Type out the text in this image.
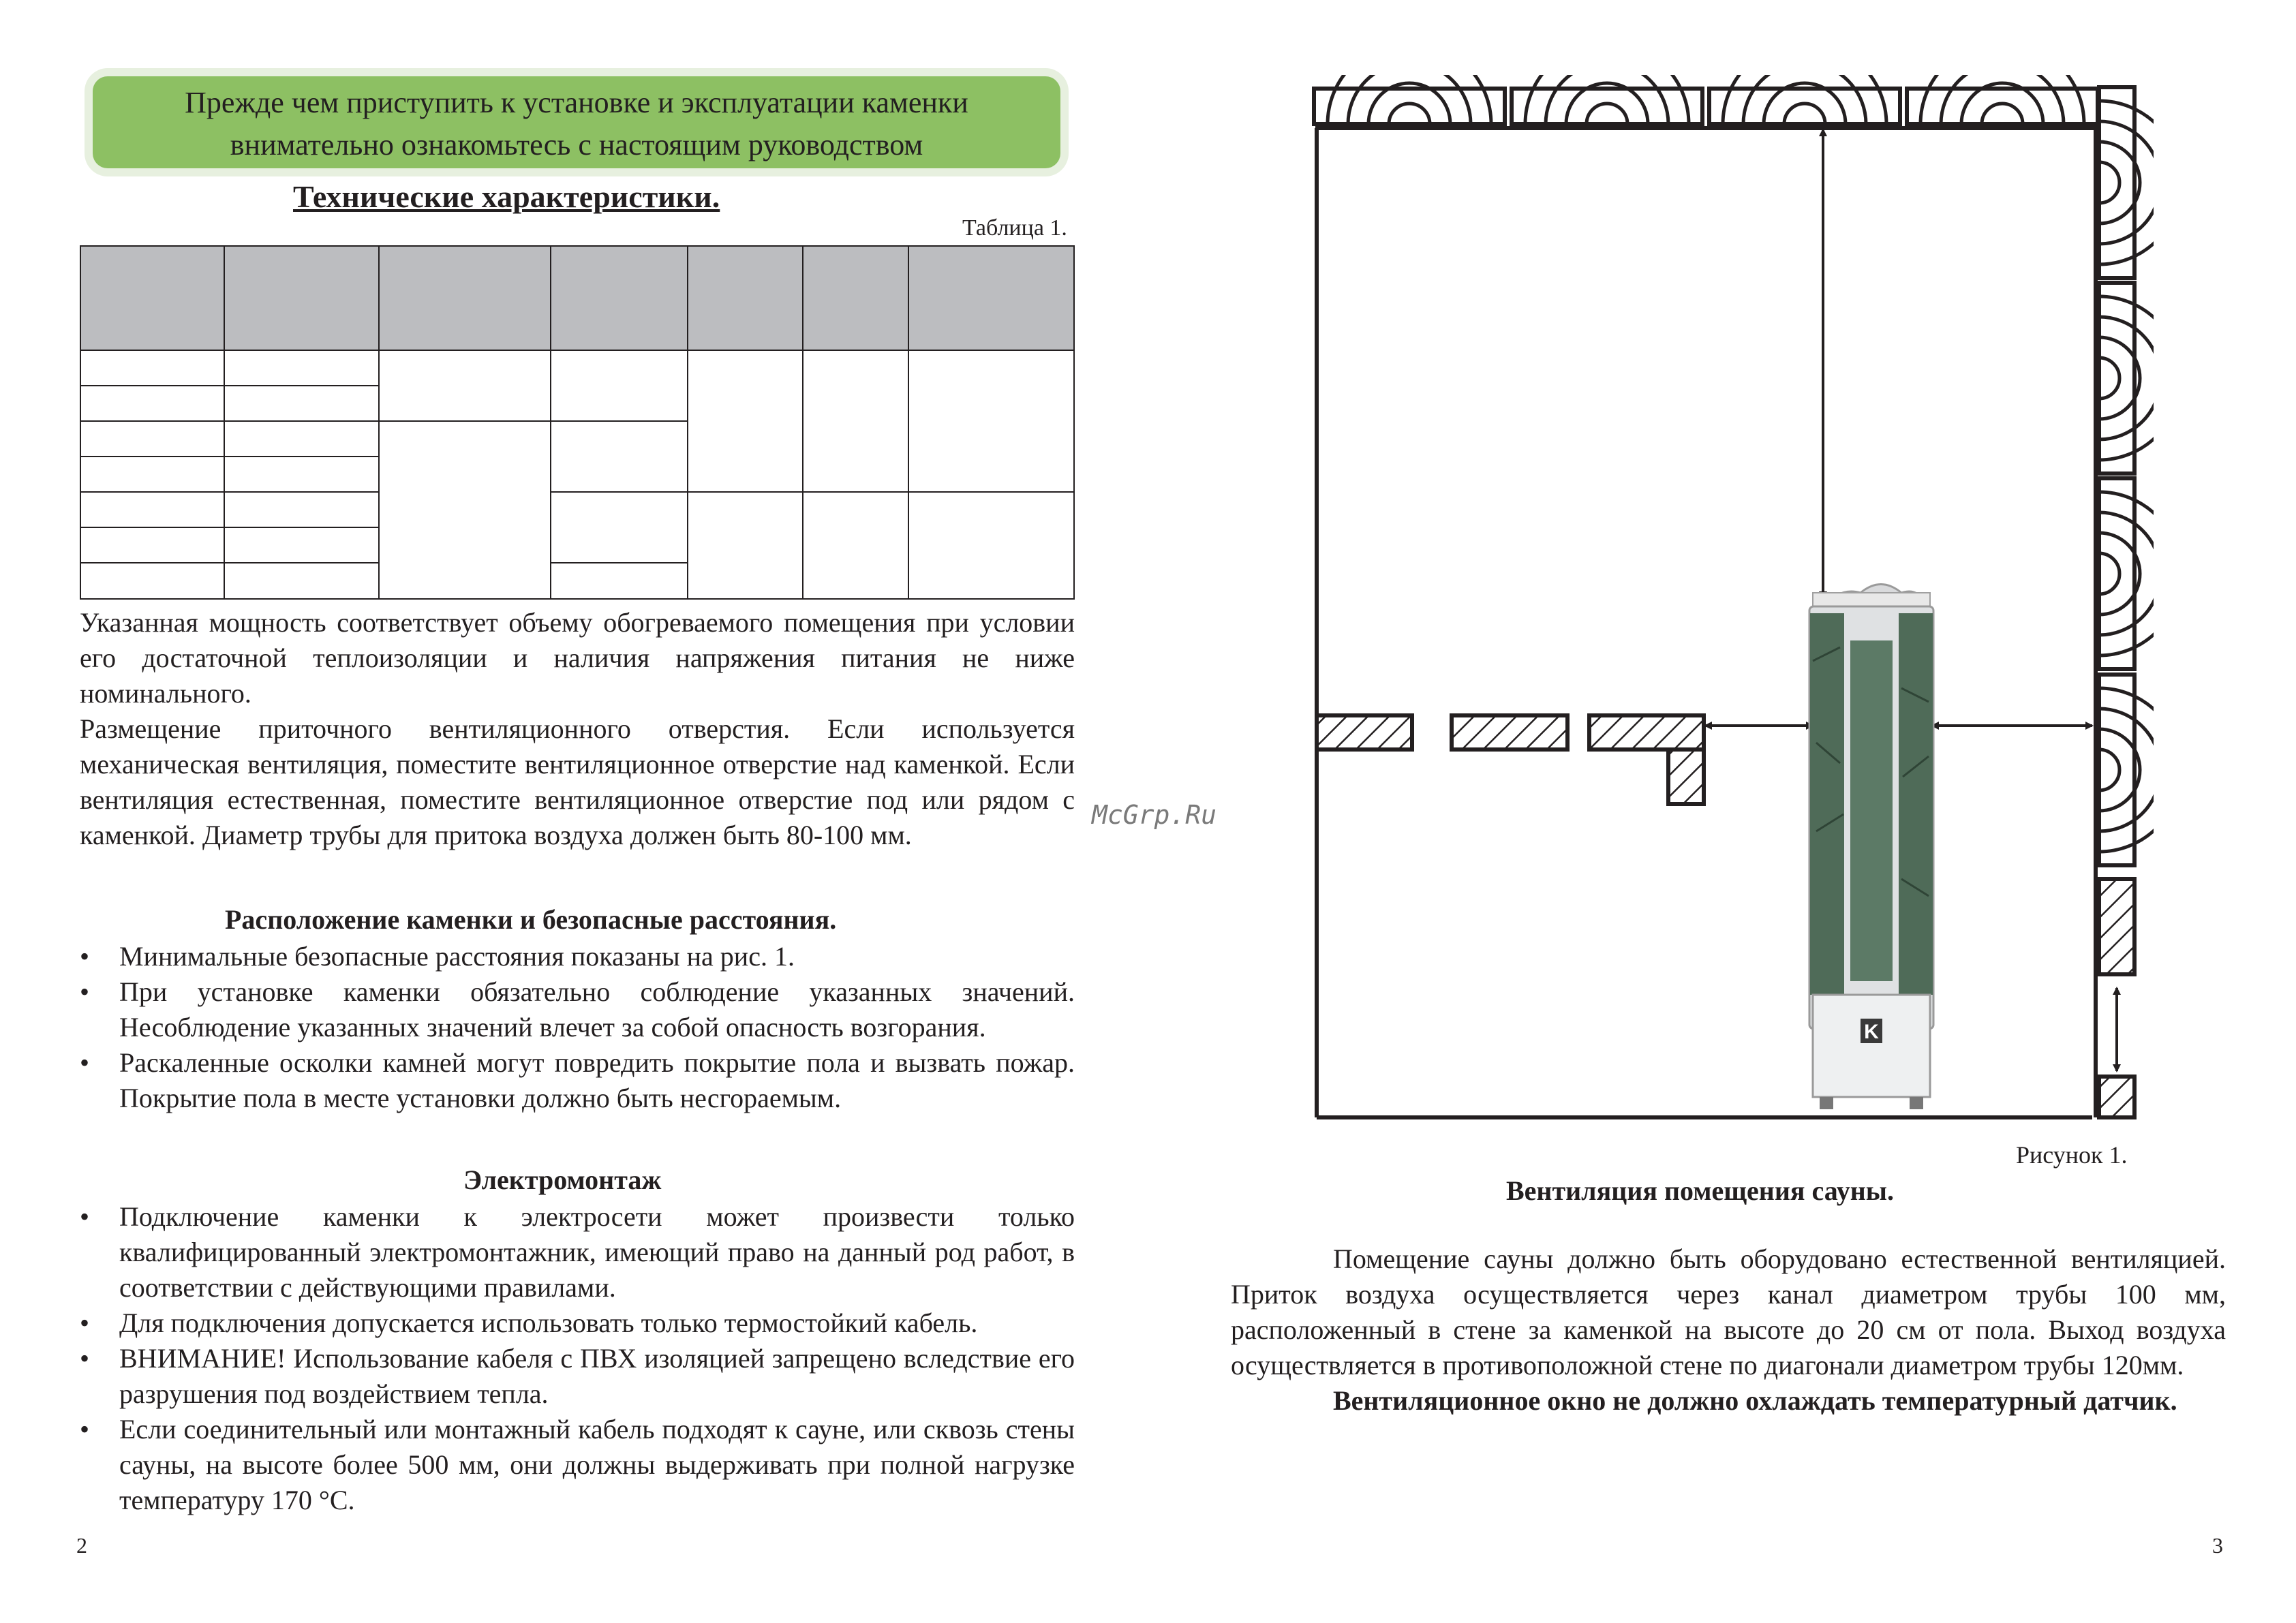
Прежде чем приступить к установке и эксплуатации каменки
внимательно ознакомьтесь с настоящим руководством
Технические характеристики.
Таблица 1.

Указанная мощность соответствует объему обогреваемого помещения при условии его достаточной теплоизоляции и наличия напряжения питания не ниже номинального.

Размещение приточного вентиляционного отверстия. Если используется механическая вентиляция, поместите вентиляционное отверстие над каменкой. Если вентиляция естественная, поместите вентиляционное отверстие под или рядом с каменкой. Диаметр трубы для притока воздуха должен быть 80-100 мм.

Расположение каменки и безопасные расстояния.
• Минимальные безопасные расстояния показаны на рис. 1.
• При установке каменки обязательно соблюдение указанных значений. Несоблюдение указанных значений влечет за собой опасность возгорания.
• Раскаленные осколки камней могут повредить покрытие пола и вызвать пожар. Покрытие пола в месте установки должно быть несгораемым.
Электромонтаж
• Подключение каменки к электросети может произвести только квалифицированный электромонтажник, имеющий право на данный род работ, в соответствии с действующими правилами.
• Для подключения допускается использовать только термостойкий кабель.
• ВНИМАНИЕ! Использование кабеля с ПВХ изоляцией запрещено вследствие его разрушения под воздействием тепла.
• Если соединительный или монтажный кабель подходят к сауне, или сквозь стены сауны, на высоте более 500 мм, они должны выдерживать при полной нагрузке температуру 170 °С.
2
McGrp.Ru
K
Рисунок 1.
Вентиляция помещения сауны.

Помещение сауны должно быть оборудовано естественной вентиляцией. Приток воздуха осуществляется через канал диаметром трубы 100 мм, расположенный в стене за каменкой на высоте до 20 см от пола. Выход воздуха осуществляется в противоположной стене по диагонали диаметром трубы 120мм.

Вентиляционное окно не должно охлаждать температурный датчик.

3
